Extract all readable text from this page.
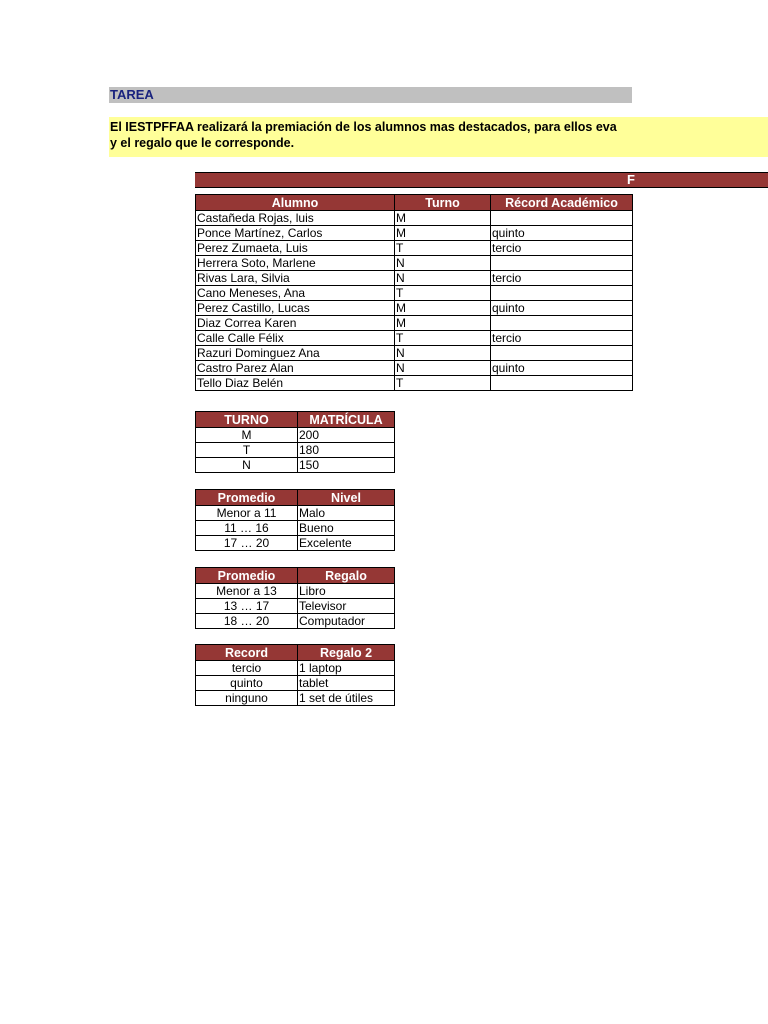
TAREA
El IESTPFFAA realizará la premiación de los alumnos mas destacados, para ellos eva
y el regalo que le corresponde.
F
Alumno	Turno	Récord Académico
Castañeda Rojas, luis	M	
Ponce Martínez, Carlos	M	quinto
Perez Zumaeta, Luis	T	tercio
Herrera Soto, Marlene	N	
Rivas Lara, Silvia	N	tercio
Cano Meneses, Ana	T	
Perez Castillo, Lucas	M	quinto
Diaz Correa Karen	M	
Calle Calle Félix	T	tercio
Razuri Dominguez Ana	N	
Castro Parez Alan	N	quinto
Tello Diaz Belén	T	
TURNO	MATRÍCULA
M	200
T	180
N	150
Promedio	Nivel
Menor a 11	Malo
11 … 16	Bueno
17 … 20	Excelente
Promedio	Regalo
Menor a 13	Libro
13 … 17	Televisor
18 … 20	Computador
Record	Regalo 2
tercio	1 laptop
quinto	tablet
ninguno	1 set de útiles
